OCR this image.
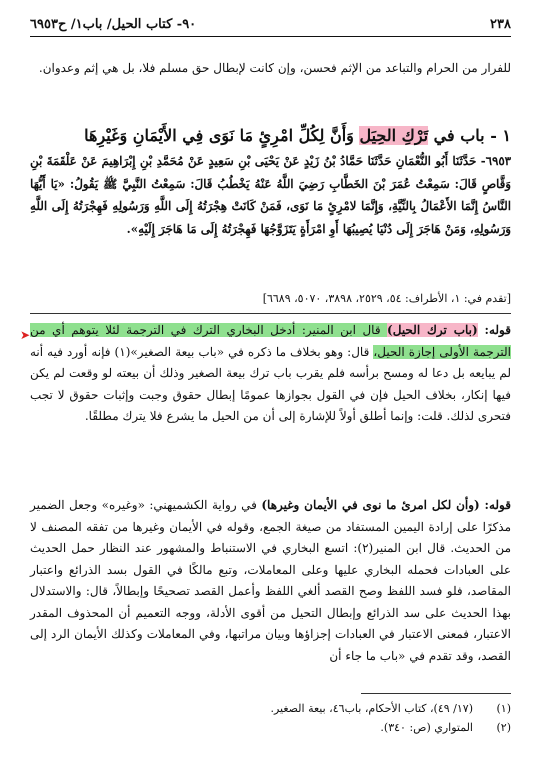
٢٣٨
٩٠- كتاب الحيل/ باب١/ ح٦٩٥٣
للفرار من الحرام والتباعد من الإثم فحسن، وإن كانت لإبطال حق مسلم فلا، بل هي إثم وعدوان.
١ - باب في تَرْكِ الحِيَل وَأَنَّ لِكُلِّ امْرِئٍ مَا نَوَى فِي الأَيْمَانِ وَغَيْرِهَا
٦٩٥٣- حَدَّثَنَا أَبُو النُّعْمَانِ حَدَّثَنَا حَمَّادُ بْنُ زَيْدٍ عَنْ يَحْيَى بْنِ سَعِيدٍ عَنْ مُحَمَّدِ بْنِ إِبْرَاهِيمَ عَنْ عَلْقَمَةَ بْنِ وَقَّاصٍ قَالَ: سَمِعْتُ عُمَرَ بْنَ الخَطَّابِ رَضِيَ اللَّهُ عَنْهُ يَخْطُبُ قَالَ: سَمِعْتُ النَّبِيَّ ﷺ يَقُولُ: «يَا أَيُّهَا النَّاسُ إِنَّمَا الأَعْمَالُ بِالنِّيَّةِ، وَإِنَّمَا لامْرِئٍ مَا نَوَى، فَمَنْ كَانَتْ هِجْرَتُهُ إِلَى اللَّهِ وَرَسُولِهِ فَهِجْرَتُهُ إِلَى اللَّهِ وَرَسُولِهِ، وَمَنْ هَاجَرَ إِلَى دُنْيَا يُصِيبُهَا أَوِ امْرَأَةٍ يَتَزَوَّجُهَا فَهِجْرَتُهُ إِلَى مَا هَاجَرَ إِلَيْهِ».
[تقدم في: ١، الأطراف: ٥٤، ٢٥٢٩، ٣٨٩٨، ٥٠٧٠، ٦٦٨٩]
➤	قوله: (باب ترك الحيل) قال ابن المنير: أدخل البخاري الترك في الترجمة لئلا يتوهم أي من الترجمة الأولى إجازة الحيل، قال: وهو بخلاف ما ذكره في «باب بيعة الصغير»(١) فإنه أورد فيه أنه لم يبايعه بل دعا له ومسح برأسه فلم يقرب باب ترك بيعة الصغير وذلك أن بيعته لو وقعت لم يكن فيها إنكار، بخلاف الحيل فإن في القول بجوازها عمومًا إبطال حقوق وجبت وإثبات حقوق لا تجب فتحرى لذلك. قلت: وإنما أطلق أولاً للإشارة إلى أن من الحيل ما يشرع فلا يترك مطلقًا.
قوله: (وأن لكل امرئ ما نوى في الأيمان وغيرها) في رواية الكشميهني: «وغيره» وجعل الضمير مذكرًا على إرادة اليمين المستفاد من صيغة الجمع، وقوله في الأيمان وغيرها من تفقه المصنف لا من الحديث. قال ابن المنير(٢): اتسع البخاري في الاستنباط والمشهور عند النظار حمل الحديث على العبادات فحمله البخاري عليها وعلى المعاملات، وتبع مالكًا في القول بسد الذرائع واعتبار المقاصد، فلو فسد اللفظ وصح القصد ألغي اللفظ وأعمل القصد تصحيحًا وإبطالاً، قال: والاستدلال بهذا الحديث على سد الذرائع وإبطال التحيل من أقوى الأدلة، ووجه التعميم أن المحذوف المقدر الاعتبار، فمعنى الاعتبار في العبادات إجزاؤها وبيان مراتبها، وفي المعاملات وكذلك الأيمان الرد إلى القصد، وقد تقدم في «باب ما جاء أن
(١)
(١٧/ ٤٩)، كتاب الأحكام، باب٤٦، بيعة الصغير.
(٢)
المتواري (ص: ٣٤٠).
